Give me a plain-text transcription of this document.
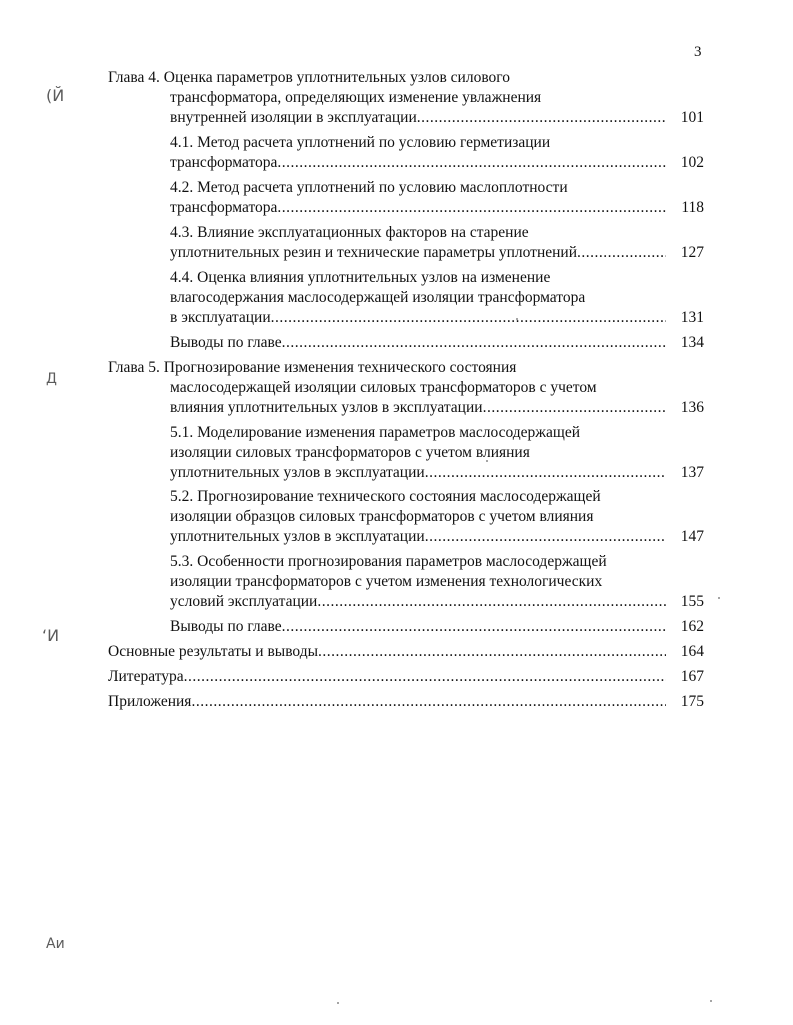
3
(Й
Д
‘И
Аи
Глава 4. Оценка параметров уплотнительных узлов силового
трансформатора, определяющих изменение увлажнения
внутренней изоляции в эксплуатации .....	101
4.1. Метод расчета уплотнений по условию герметизации
трансформатора .....	102
4.2. Метод расчета уплотнений по условию маслоплотности
трансформатора .....	118
4.3. Влияние эксплуатационных факторов на старение
уплотнительных резин и технические параметры уплотнений .....	127
4.4. Оценка влияния уплотнительных узлов на изменение
влагосодержания маслосодержащей изоляции трансформатора
в эксплуатации .....	131
Выводы по главе .....	134
Глава 5. Прогнозирование изменения технического состояния
маслосодержащей изоляции силовых трансформаторов с учетом
влияния уплотнительных узлов в эксплуатации .....	136
5.1. Моделирование изменения параметров маслосодержащей
изоляции силовых трансформаторов с учетом влияния
уплотнительных узлов в эксплуатации .....	137
5.2. Прогнозирование технического состояния маслосодержащей
изоляции образцов силовых трансформаторов с учетом влияния
уплотнительных узлов в эксплуатации .....	147
5.3. Особенности прогнозирования параметров маслосодержащей
изоляции трансформаторов с учетом изменения технологических
условий эксплуатации .....	155
Выводы по главе .....	162
Основные результаты и выводы .....	164
Литература .....	167
Приложения .....	175
